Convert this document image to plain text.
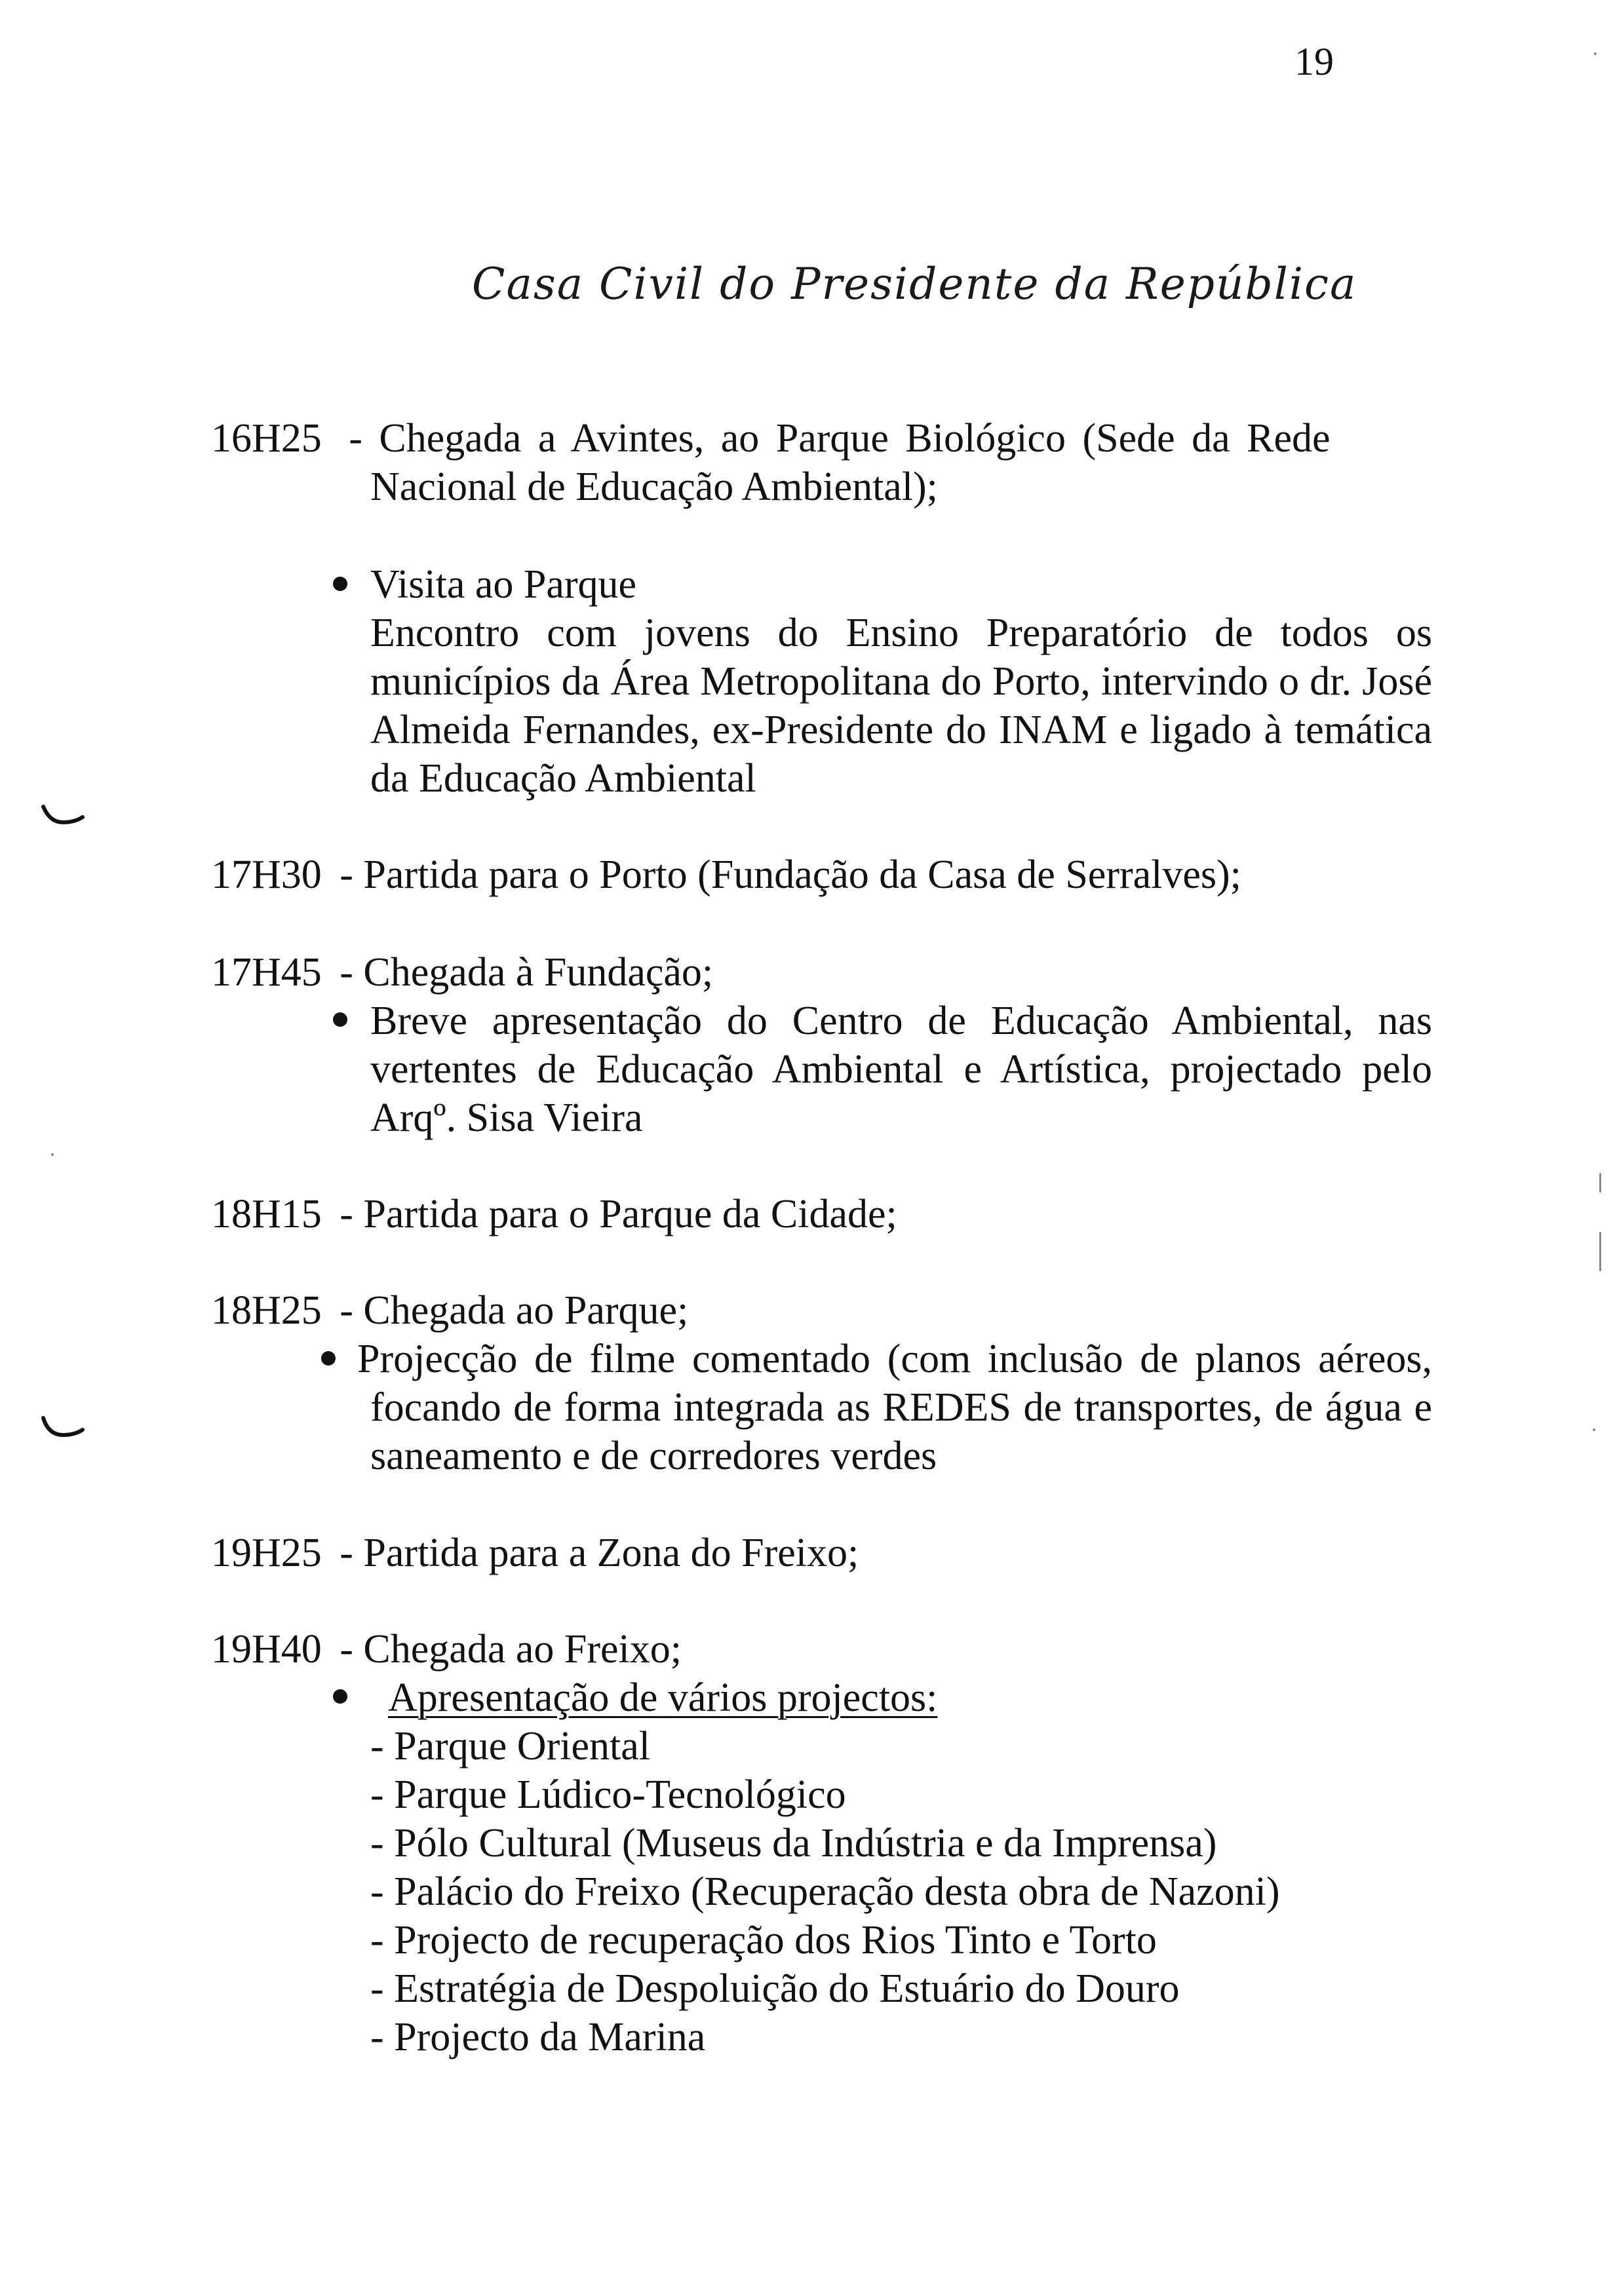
19
Casa Civil do Presidente da República
16H25 - Chegada a Avintes, ao Parque Biológico (Sede da Rede
Nacional de Educação Ambiental);
Visita ao Parque
Encontro com jovens do Ensino Preparatório de todos os municípios da Área Metropolitana do Porto, intervindo o dr. José Almeida Fernandes, ex-Presidente do INAM e ligado à temática da Educação Ambiental
17H30 - Partida para o Porto (Fundação da Casa de Serralves);
17H45 - Chegada à Fundação;
Breve apresentação do Centro de Educação Ambiental, nas vertentes de Educação Ambiental e Artística, projectado pelo Arqº. Sisa Vieira
18H15 - Partida para o Parque da Cidade;
18H25 - Chegada ao Parque;
Projecção de filme comentado (com inclusão de planos aéreos,
focando de forma integrada as REDES de transportes, de água e saneamento e de corredores verdes
19H25 - Partida para a Zona do Freixo;
19H40 - Chegada ao Freixo;
Apresentação de vários projectos:
- Parque Oriental
- Parque Lúdico-Tecnológico
- Pólo Cultural (Museus da Indústria e da Imprensa)
- Palácio do Freixo (Recuperação desta obra de Nazoni)
- Projecto de recuperação dos Rios Tinto e Torto
- Estratégia de Despoluição do Estuário do Douro
- Projecto da Marina
